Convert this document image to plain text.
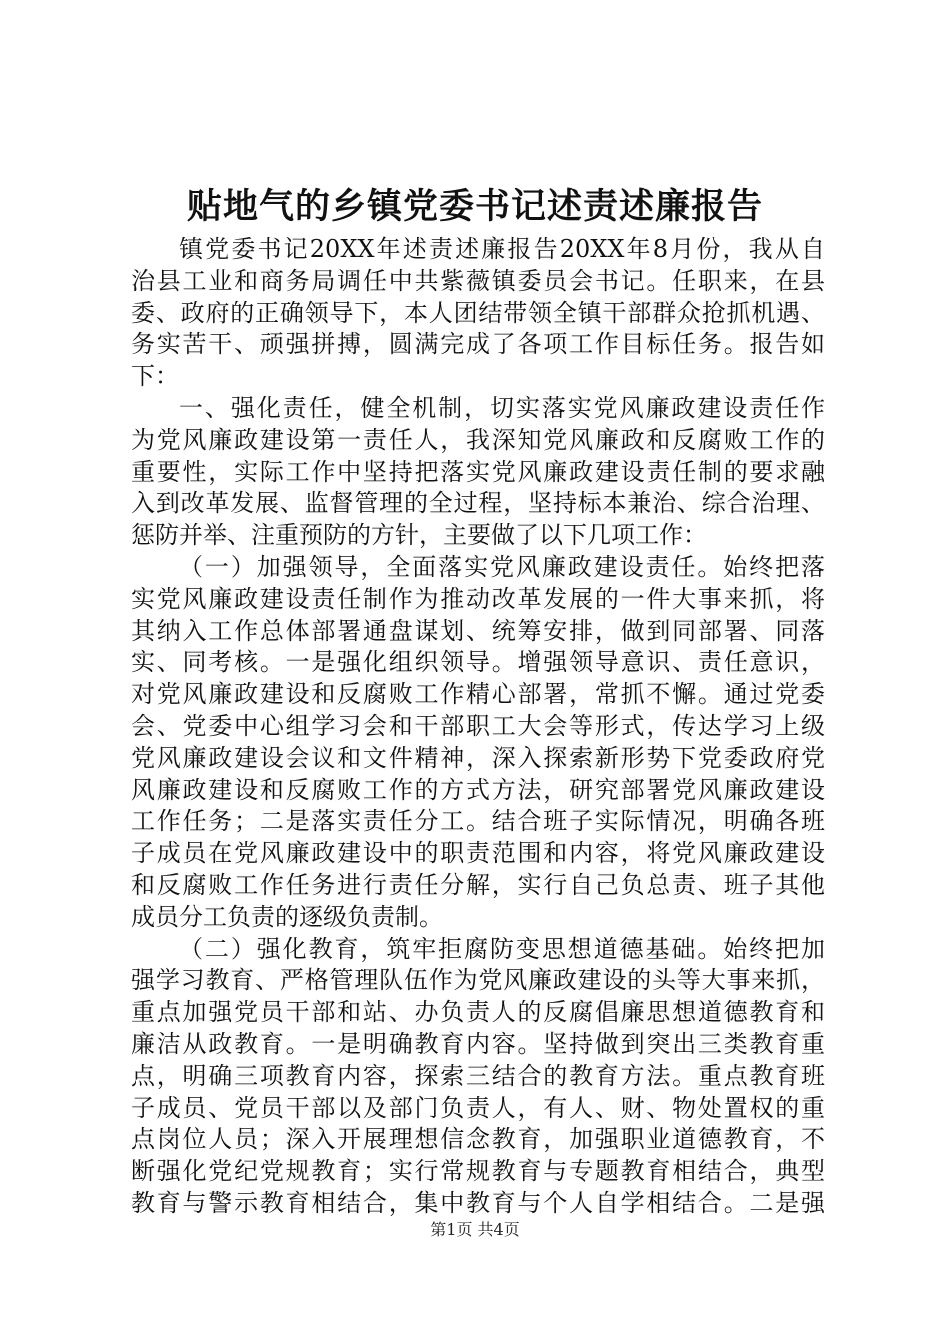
贴地气的乡镇党委书记述责述廉报告
镇党委书记20XX年述责述廉报告20XX年8月份，我从自
治县工业和商务局调任中共紫薇镇委员会书记。任职来，在县
委、政府的正确领导下，本人团结带领全镇干部群众抢抓机遇、
务实苦干、顽强拼搏，圆满完成了各项工作目标任务。报告如
下：
一、强化责任，健全机制，切实落实党风廉政建设责任作
为党风廉政建设第一责任人，我深知党风廉政和反腐败工作的
重要性，实际工作中坚持把落实党风廉政建设责任制的要求融
入到改革发展、监督管理的全过程，坚持标本兼治、综合治理、
惩防并举、注重预防的方针，主要做了以下几项工作：
（一）加强领导，全面落实党风廉政建设责任。始终把落
实党风廉政建设责任制作为推动改革发展的一件大事来抓，将
其纳入工作总体部署通盘谋划、统筹安排，做到同部署、同落
实、同考核。一是强化组织领导。增强领导意识、责任意识，
对党风廉政建设和反腐败工作精心部署，常抓不懈。通过党委
会、党委中心组学习会和干部职工大会等形式，传达学习上级
党风廉政建设会议和文件精神，深入探索新形势下党委政府党
风廉政建设和反腐败工作的方式方法，研究部署党风廉政建设
工作任务；二是落实责任分工。结合班子实际情况，明确各班
子成员在党风廉政建设中的职责范围和内容，将党风廉政建设
和反腐败工作任务进行责任分解，实行自己负总责、班子其他
成员分工负责的逐级负责制。
（二）强化教育，筑牢拒腐防变思想道德基础。始终把加
强学习教育、严格管理队伍作为党风廉政建设的头等大事来抓，
重点加强党员干部和站、办负责人的反腐倡廉思想道德教育和
廉洁从政教育。一是明确教育内容。坚持做到突出三类教育重
点，明确三项教育内容，探索三结合的教育方法。重点教育班
子成员、党员干部以及部门负责人，有人、财、物处置权的重
点岗位人员；深入开展理想信念教育，加强职业道德教育，不
断强化党纪党规教育；实行常规教育与专题教育相结合，典型
教育与警示教育相结合，集中教育与个人自学相结合。二是强
第1页 共4页
